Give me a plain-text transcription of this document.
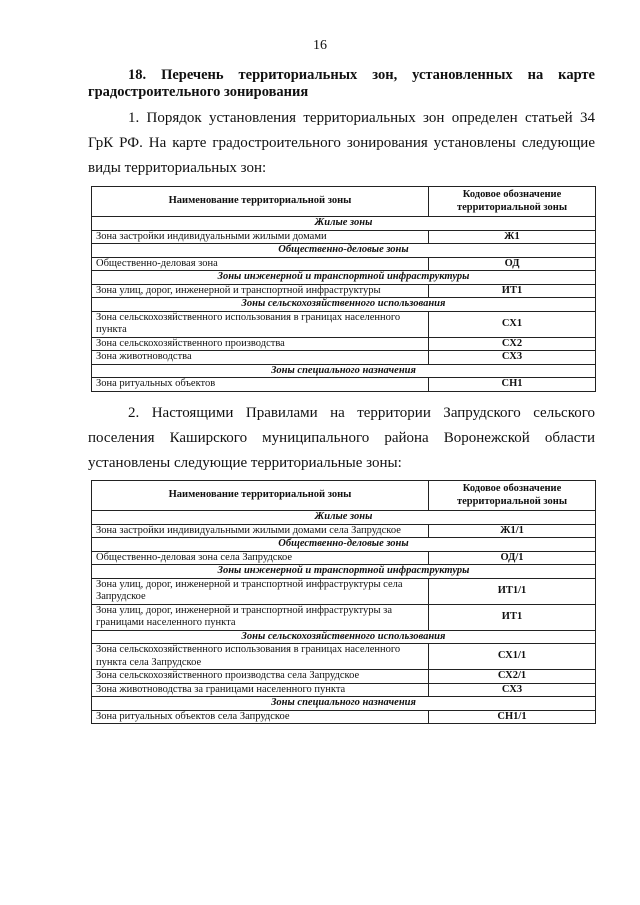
16
18. Перечень территориальных зон, установленных на карте
градостроительного зонирования
1. Порядок установления территориальных зон определен статьей 34
ГрК РФ. На карте градостроительного зонирования установлены следующие
виды территориальных зон:
Наименование территориальной зоны	Кодовое обозначение территориальной зоны
Жилые зоны	
Зона застройки индивидуальными жилыми домами	Ж1
Общественно-деловые зоны	
Общественно-деловая зона	ОД
Зоны инженерной и транспортной инфраструктуры	
Зона улиц, дорог, инженерной и транспортной инфраструктуры	ИТ1
Зоны сельскохозяйственного использования	
Зона сельскохозяйственного использования в границах населенного пункта	СХ1
Зона сельскохозяйственного производства	СХ2
Зона животноводства	СХ3
Зоны специального назначения	
Зона ритуальных объектов	СН1
2. Настоящими Правилами на территории Запрудского сельского
поселения Каширского муниципального района Воронежской области
установлены следующие территориальные зоны:
Наименование территориальной зоны	Кодовое обозначение территориальной зоны
Жилые зоны	
Зона застройки индивидуальными жилыми домами села Запрудское	Ж1/1
Общественно-деловые зоны	
Общественно-деловая зона села Запрудское	ОД/1
Зоны инженерной и транспортной инфраструктуры	
Зона улиц, дорог, инженерной и транспортной инфраструктуры села Запрудское	ИТ1/1
Зона улиц, дорог, инженерной и транспортной инфраструктуры за границами населенного пункта	ИТ1
Зоны сельскохозяйственного использования	
Зона сельскохозяйственного использования в границах населенного пункта села Запрудское	СХ1/1
Зона сельскохозяйственного производства села Запрудское	СХ2/1
Зона животноводства за границами населенного пункта	СХ3
Зоны специального назначения	
Зона ритуальных объектов села Запрудское	СН1/1
